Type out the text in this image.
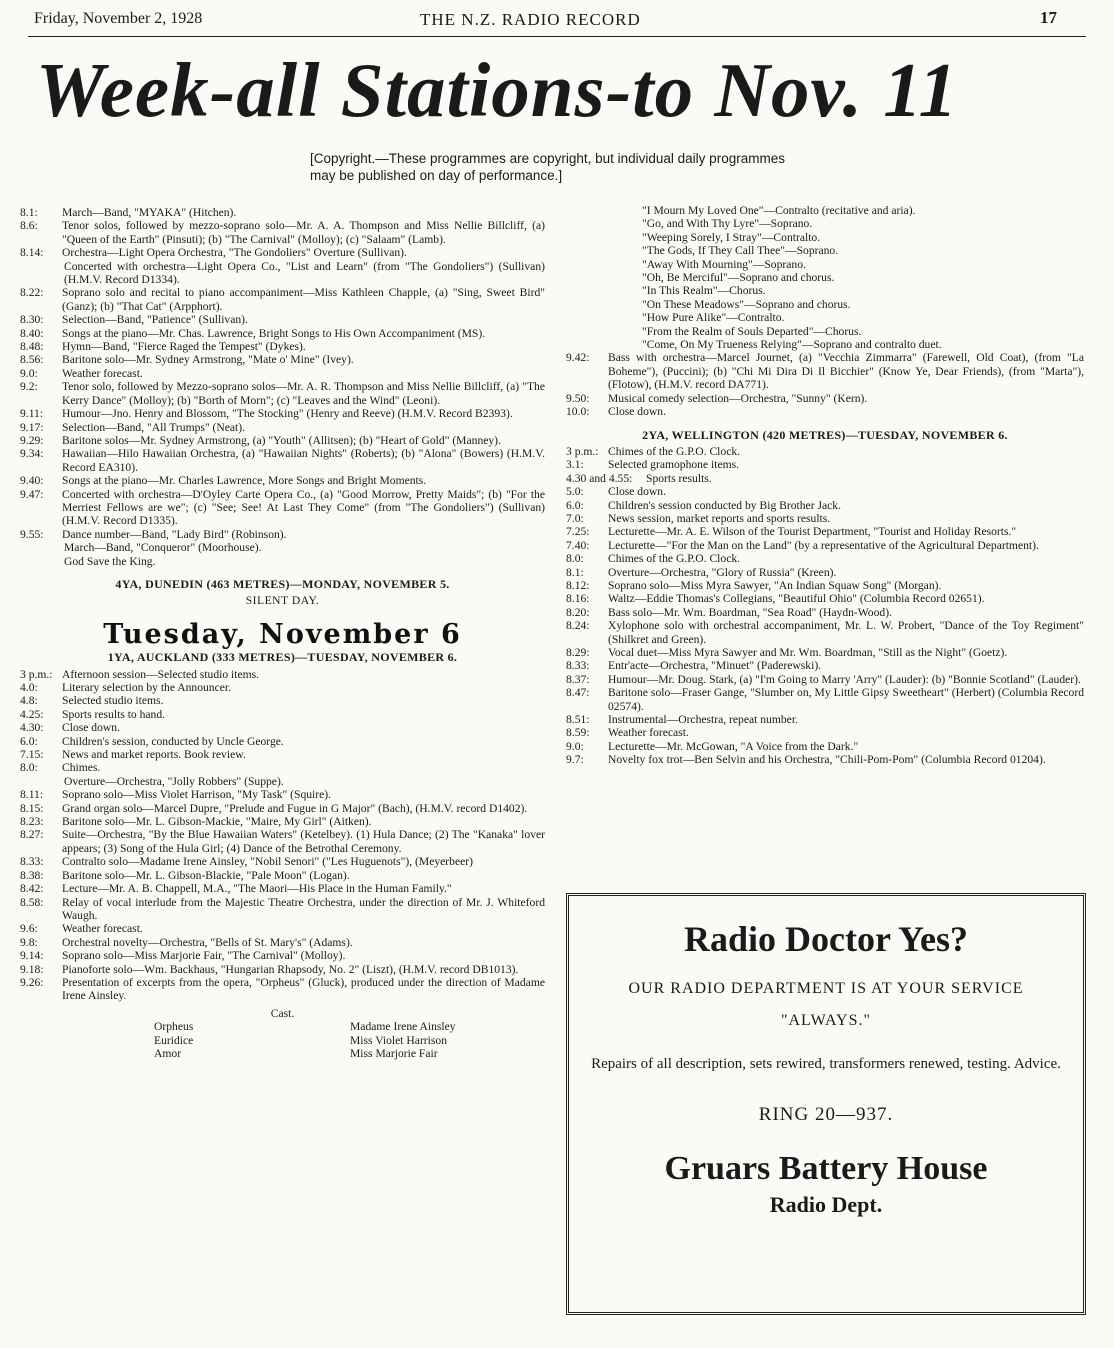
Friday, November 2, 1928	THE N.Z. RADIO RECORD	17
Week-all Stations-to Nov. 11
[Copyright.—These programmes are copyright, but individual daily programmes may be published on day of performance.]
8.1:	March—Band, "MYAKA" (Hitchen).
8.6:	Tenor solos, followed by mezzo-soprano solo—Mr. A. A. Thompson and Miss Nellie Billcliff, (a) "Queen of the Earth" (Pinsuti); (b) "The Carnival" (Molloy); (c) "Salaam" (Lamb).
8.14:	Orchestra—Light Opera Orchestra, "The Gondoliers" Overture (Sullivan).
Concerted with orchestra—Light Opera Co., "List and Learn" (from "The Gondoliers") (Sullivan) (H.M.V. Record D1334).
8.22:	Soprano solo and recital to piano accompaniment—Miss Kathleen Chapple, (a) "Sing, Sweet Bird" (Ganz); (b) "That Cat" (Arpphort).
8.30:	Selection—Band, "Patience" (Sullivan).
8.40:	Songs at the piano—Mr. Chas. Lawrence, Bright Songs to His Own Accompaniment (MS).
8.48:	Hymn—Band, "Fierce Raged the Tempest" (Dykes).
8.56:	Baritone solo—Mr. Sydney Armstrong, "Mate o' Mine" (Ivey).
9.0:	Weather forecast.
9.2:	Tenor solo, followed by Mezzo-soprano solos—Mr. A. R. Thompson and Miss Nellie Billcliff, (a) "The Kerry Dance" (Molloy); (b) "Borth of Morn"; (c) "Leaves and the Wind" (Leoni).
9.11:	Humour—Jno. Henry and Blossom, "The Stocking" (Henry and Reeve) (H.M.V. Record B2393).
9.17:	Selection—Band, "All Trumps" (Neat).
9.29:	Baritone solos—Mr. Sydney Armstrong, (a) "Youth" (Allitsen); (b) "Heart of Gold" (Manney).
9.34:	Hawaiian—Hilo Hawaiian Orchestra, (a) "Hawaiian Nights" (Roberts); (b) "Alona" (Bowers) (H.M.V. Record EA310).
9.40:	Songs at the piano—Mr. Charles Lawrence, More Songs and Bright Moments.
9.47:	Concerted with orchestra—D'Oyley Carte Opera Co., (a) "Good Morrow, Pretty Maids"; (b) "For the Merriest Fellows are we"; (c) "See; See! At Last They Come" (from "The Gondoliers") (Sullivan) (H.M.V. Record D1335).
9.55:	Dance number—Band, "Lady Bird" (Robinson).
March—Band, "Conqueror" (Moorhouse).
God Save the King.
4YA, DUNEDIN (463 METRES)—MONDAY, NOVEMBER 5.
SILENT DAY.
Tuesday, November 6
1YA, AUCKLAND (333 METRES)—TUESDAY, NOVEMBER 6.
3 p.m.: Afternoon session—Selected studio items.
4.0:	Literary selection by the Announcer.
4.8:	Selected studio items.
4.25:	Sports results to hand.
4.30:	Close down.
6.0:	Children's session, conducted by Uncle George.
7.15:	News and market reports. Book review.
8.0:	Chimes.
Overture—Orchestra, "Jolly Robbers" (Suppe).
8.11:	Soprano solo—Miss Violet Harrison, "My Task" (Squire).
8.15:	Grand organ solo—Marcel Dupre, "Prelude and Fugue in G Major" (Bach), (H.M.V. record D1402).
8.23:	Baritone solo—Mr. L. Gibson-Mackie, "Maire, My Girl" (Aitken).
8.27:	Suite—Orchestra, "By the Blue Hawaiian Waters" (Ketelbey). (1) Hula Dance; (2) The "Kanaka" lover appears; (3) Song of the Hula Girl; (4) Dance of the Betrothal Ceremony.
8.33:	Contralto solo—Madame Irene Ainsley, "Nobil Senori" ("Les Huguenots"), (Meyerbeer)
8.38:	Baritone solo—Mr. L. Gibson-Blackie, "Pale Moon" (Logan).
8.42:	Lecture—Mr. A. B. Chappell, M.A., "The Maori—His Place in the Human Family."
8.58:	Relay of vocal interlude from the Majestic Theatre Orchestra, under the direction of Mr. J. Whiteford Waugh.
9.6:	Weather forecast.
9.8:	Orchestral novelty—Orchestra, "Bells of St. Mary's" (Adams).
9.14:	Soprano solo—Miss Marjorie Fair, "The Carnival" (Molloy).
9.18:	Pianoforte solo—Wm. Backhaus, "Hungarian Rhapsody, No. 2" (Liszt), (H.M.V. record DB1013).
9.26:	Presentation of excerpts from the opera, "Orpheus" (Gluck), produced under the direction of Madame Irene Ainsley.
Cast.
Orpheus	Madame Irene Ainsley
Euridice	Miss Violet Harrison
Amor	Miss Marjorie Fair
"I Mourn My Loved One"—Contralto (recitative and aria).
"Go, and With Thy Lyre"—Soprano.
"Weeping Sorely, I Stray"—Contralto.
"The Gods, If They Call Thee"—Soprano.
"Away With Mourning"—Soprano.
"Oh, Be Merciful"—Soprano and chorus.
"In This Realm"—Chorus.
"On These Meadows"—Soprano and chorus.
"How Pure Alike"—Contralto.
"From the Realm of Souls Departed"—Chorus.
"Come, On My Trueness Relying"—Soprano and contralto duet.
9.42:	Bass with orchestra—Marcel Journet, (a) "Vecchia Zimmarra" (Farewell, Old Coat), (from "La Boheme"), (Puccini); (b) "Chi Mi Dira Di Il Bicchier" (Know Ye, Dear Friends), (from "Marta"), (Flotow), (H.M.V. record DA771).
9.50:	Musical comedy selection—Orchestra, "Sunny" (Kern).
10.0:	Close down.
2YA, WELLINGTON (420 METRES)—TUESDAY, NOVEMBER 6.
3 p.m.: Chimes of the G.P.O. Clock.
3.1:	Selected gramophone items.
4.30 and 4.55:	Sports results.
5.0:	Close down.
6.0:	Children's session conducted by Big Brother Jack.
7.0:	News session, market reports and sports results.
7.25:	Lecturette—Mr. A. E. Wilson of the Tourist Department, "Tourist and Holiday Resorts."
7.40:	Lecturette—"For the Man on the Land" (by a representative of the Agricultural Department).
8.0:	Chimes of the G.P.O. Clock.
8.1:	Overture—Orchestra, "Glory of Russia" (Kreen).
8.12:	Soprano solo—Miss Myra Sawyer, "An Indian Squaw Song" (Morgan).
8.16:	Waltz—Eddie Thomas's Collegians, "Beautiful Ohio" (Columbia Record 02651).
8.20:	Bass solo—Mr. Wm. Boardman, "Sea Road" (Haydn-Wood).
8.24:	Xylophone solo with orchestral accompaniment, Mr. L. W. Probert, "Dance of the Toy Regiment" (Shilkret and Green).
8.29:	Vocal duet—Miss Myra Sawyer and Mr. Wm. Boardman, "Still as the Night" (Goetz).
8.33:	Entr'acte—Orchestra, "Minuet" (Paderewski).
8.37:	Humour—Mr. Doug. Stark, (a) "I'm Going to Marry 'Arry" (Lauder): (b) "Bonnie Scotland" (Lauder).
8.47:	Baritone solo—Fraser Gange, "Slumber on, My Little Gipsy Sweetheart" (Herbert) (Columbia Record 02574).
8.51:	Instrumental—Orchestra, repeat number.
8.59:	Weather forecast.
9.0:	Lecturette—Mr. McGowan, "A Voice from the Dark."
9.7:	Novelty fox trot—Ben Selvin and his Orchestra, "Chili-Pom-Pom" (Columbia Record 01204).
Radio Doctor Yes?
OUR RADIO DEPARTMENT IS AT YOUR SERVICE
"ALWAYS."
Repairs of all description, sets rewired, transformers renewed, testing. Advice.
RING 20—937.
Gruars Battery House
Radio Dept.
